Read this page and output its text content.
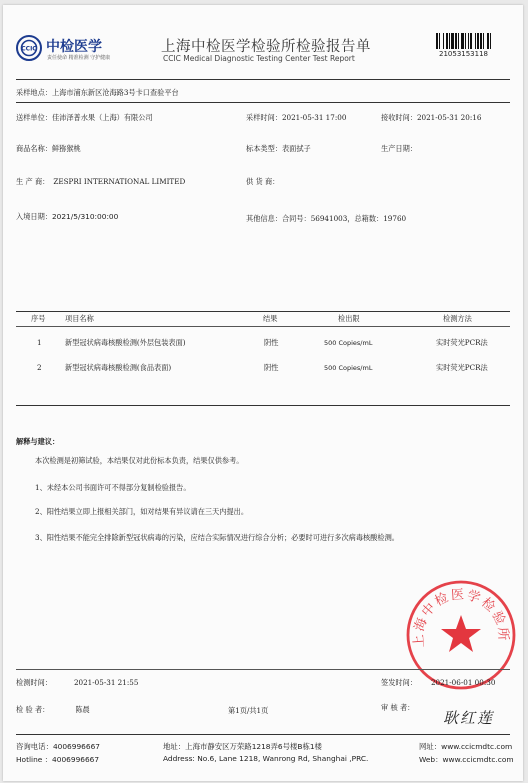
CCIC 中检医学
责任使命 精准检测 守护健康
上海中检医学检验所检验报告单
CCIC Medical Diagnostic Testing Center Test Report	21053153118
采样地点：上海市浦东新区沧海路3号卡口查验平台
送样单位：佳沛泽普水果（上海）有限公司	采样时间：2021-05-31 17:00	接收时间：2021-05-31 20:16
商品名称：鲜猕猴桃	标本类型：表面拭子	生产日期：
生 产 商： ZESPRI INTERNATIONAL LIMITED	供 货 商：
入境日期：2021/5/310:00:00	其他信息：合同号：56941003，总箱数：19760
序号	项目名称	结果	检出限	检测方法
1	新型冠状病毒核酸检测(外层包装表面)	阴性	500 Copies/mL	实时荧光PCR法
2	新型冠状病毒核酸检测(食品表面)	阴性	500 Copies/mL	实时荧光PCR法
解释与建议：
本次检测是初筛试验，本结果仅对此份标本负责，结果仅供参考。
1、未经本公司书面许可不得部分复制检验报告。
2、阳性结果立即上报相关部门，如对结果有异议请在三天内提出。
3、阳性结果不能完全排除新型冠状病毒的污染，应结合实际情况进行综合分析；必要时可进行多次病毒核酸检测。
上海中检医学检验所
检测时间：	2021-05-31 21:55	签发时间： 2021-06-01 00:30
检 验 者：	陈晨	第1页/共1页	审 核 者：
耿红莲
咨询电话：4006996667
Hotline ：4006996667
地址：上海市静安区万荣路1218弄6号楼B栋1楼
Address: No.6, Lane 1218, Wanrong Rd, Shanghai ,PRC.
网址：www.ccicmdtc.com
Web：www.ccicmdtc.com
